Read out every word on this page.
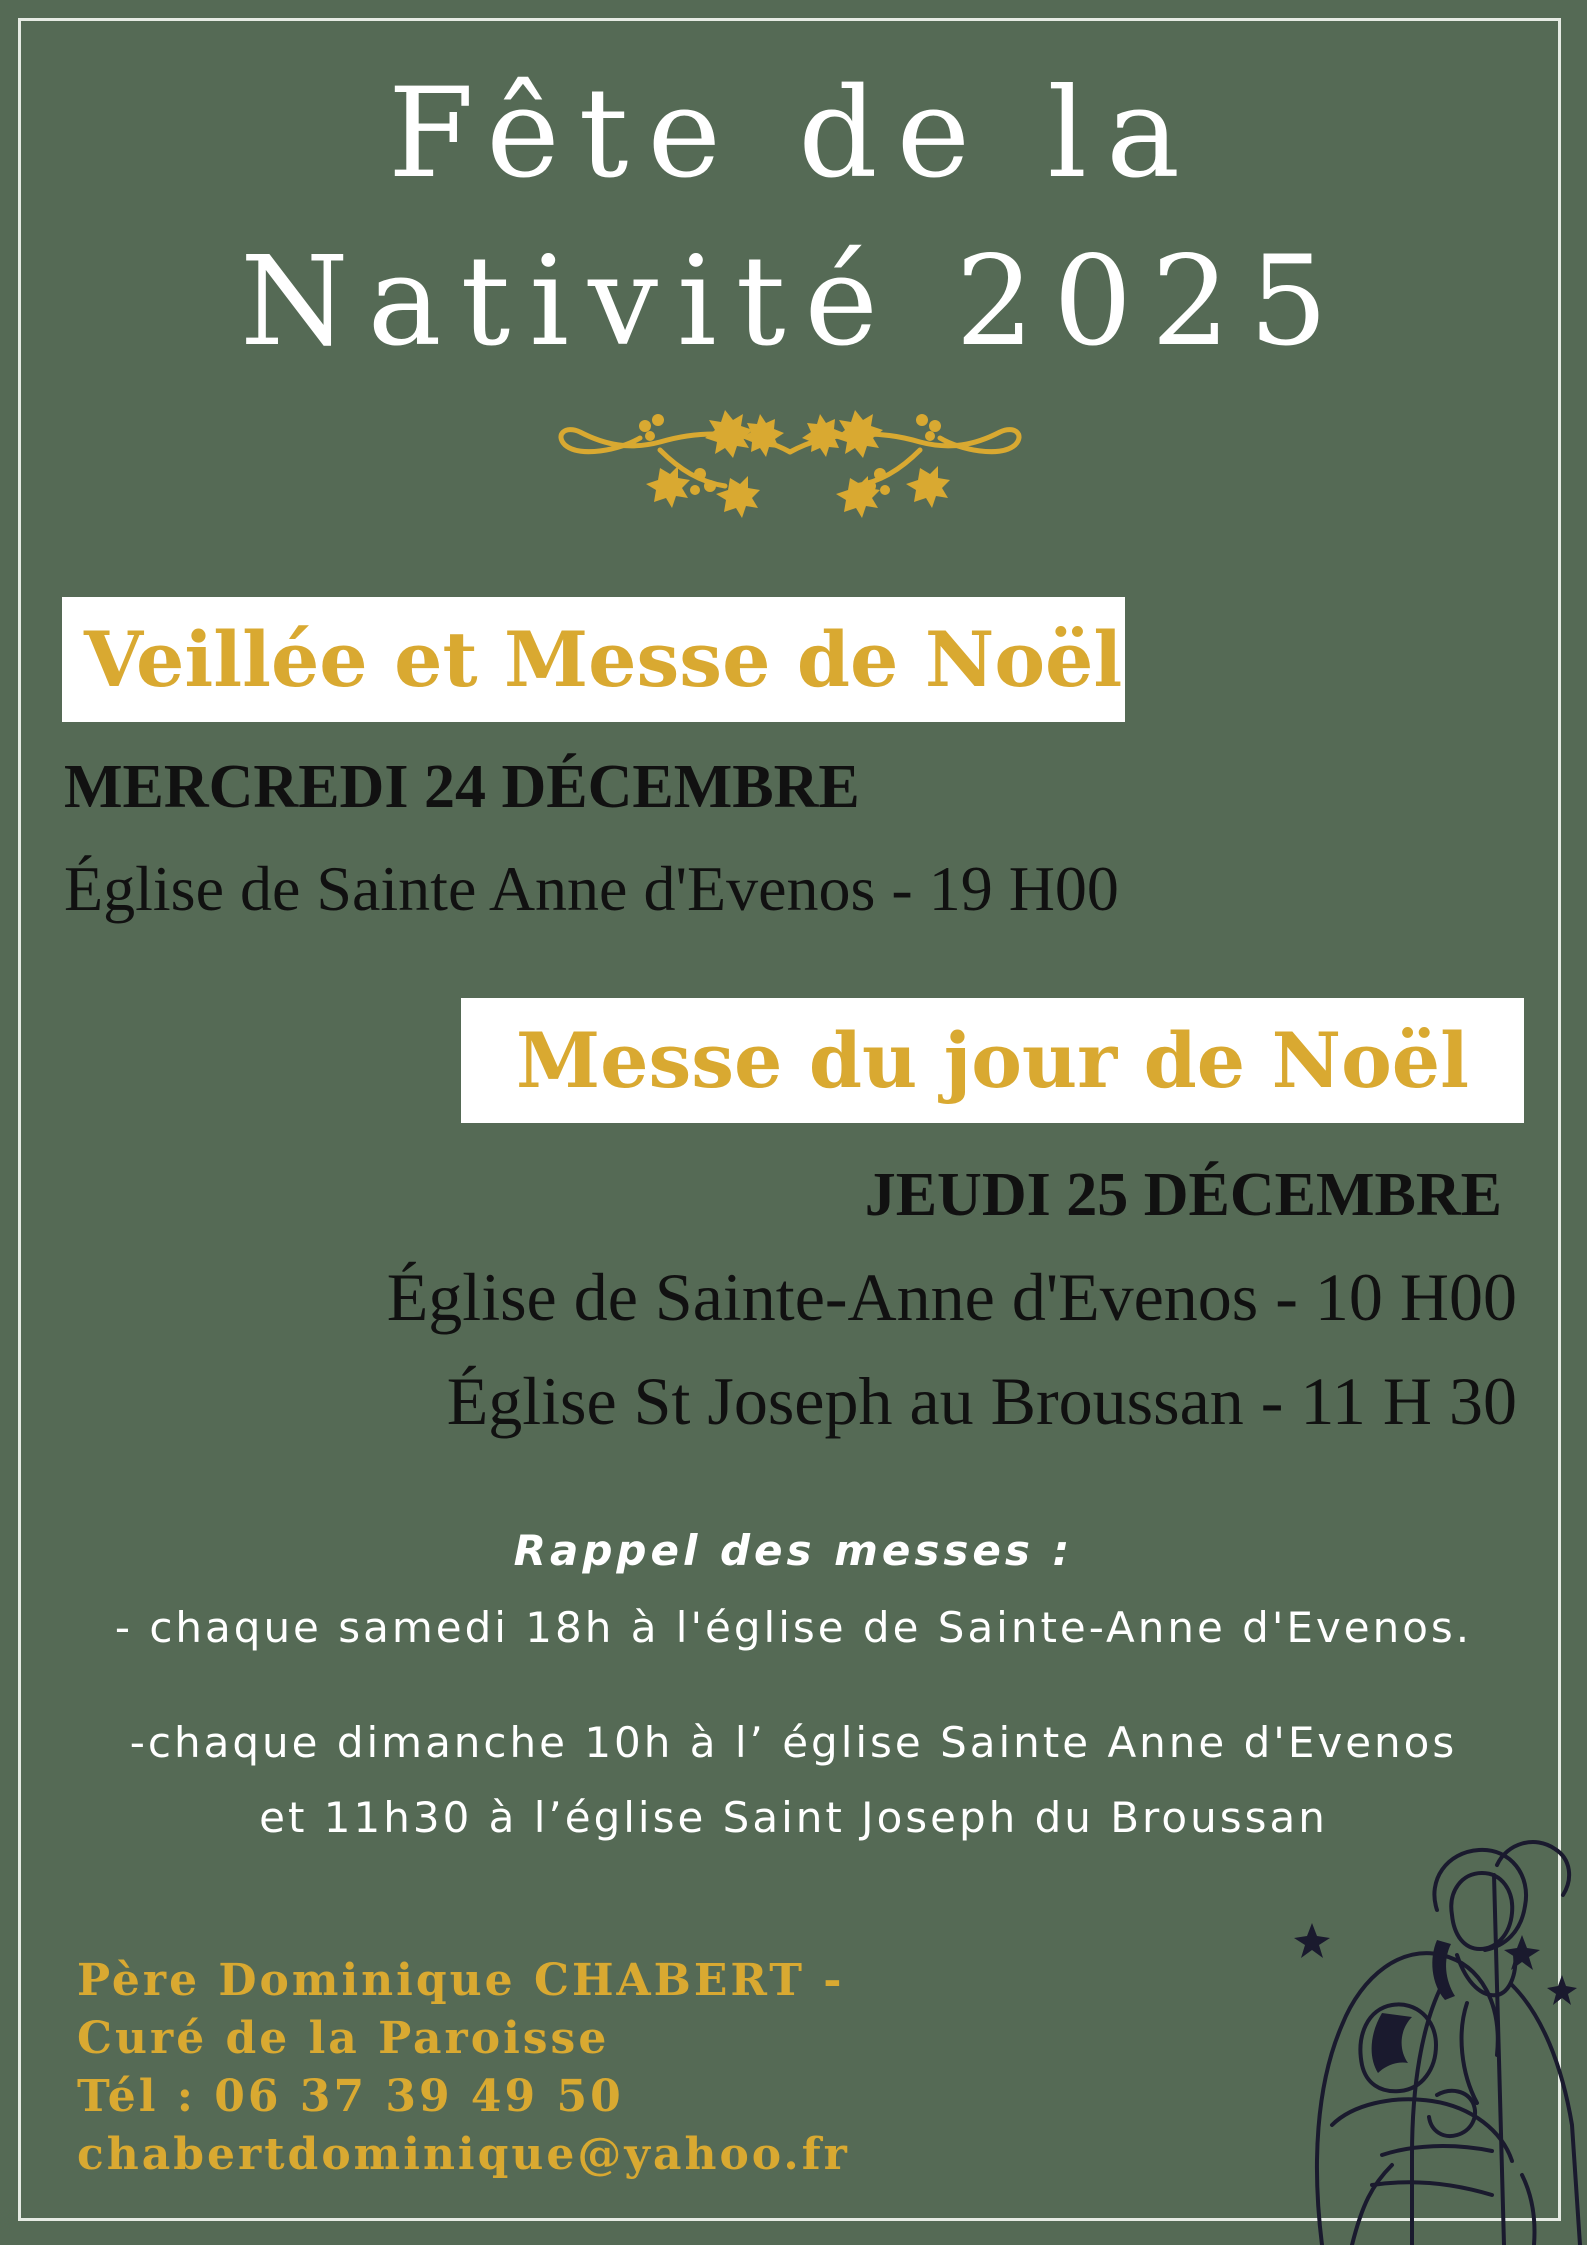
Fête de la
Nativité 2025
Veillée et Messe de Noël
MERCREDI 24 DÉCEMBRE
Église de Sainte Anne d'Evenos - 19 H00
Messe du jour de Noël
JEUDI 25 DÉCEMBRE
Église de Sainte-Anne d'Evenos - 10 H00
Église St Joseph au Broussan - 11 H 30
Rappel des messes :
- chaque samedi 18h à l'église de Sainte-Anne d'Evenos.
-chaque dimanche 10h à l’ église Sainte Anne d'Evenos
et 11h30 à l’église Saint Joseph du Broussan
Père Dominique CHABERT -
Curé de la Paroisse
Tél : 06 37 39 49 50
chabertdominique@yahoo.fr
